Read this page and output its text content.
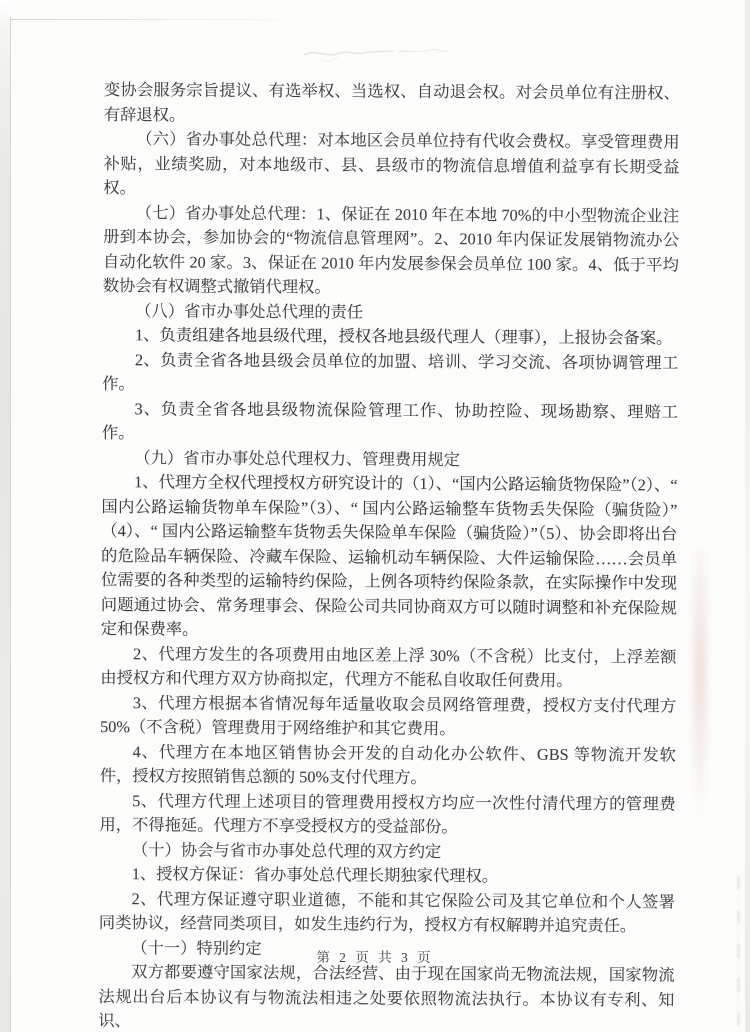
变协会服务宗旨提议、有选举权、当选权、自动退会权。对会员单位有注册权、有辞退权。

（六）省办事处总代理：对本地区会员单位持有代收会费权。享受管理费用补贴，业绩奖励，对本地级市、县、县级市的物流信息增值利益享有长期受益权。

（七）省办事处总代理：1、保证在 2010 年在本地 70%的中小型物流企业注册到本协会，参加协会的“物流信息管理网”。2、2010 年内保证发展销物流办公自动化软件 20 家。3、保证在 2010 年内发展参保会员单位 100 家。4、低于平均数协会有权调整式撤销代理权。

（八）省市办事处总代理的责任

1、负责组建各地县级代理，授权各地县级代理人（理事），上报协会备案。

2、负责全省各地县级会员单位的加盟、培训、学习交流、各项协调管理工作。

3、负责全省各地县级物流保险管理工作、协助控险、现场勘察、理赔工作。

（九）省市办事处总代理权力、管理费用规定

1、代理方全权代理授权方研究设计的（1）、“国内公路运输货物保险”（2）、“ 国内公路运输货物单车保险”（3）、“ 国内公路运输整车货物丢失保险（骗货险）” （4）、“ 国内公路运输整车货物丢失保险单车保险（骗货险）”（5）、协会即将出台的危险品车辆保险、冷藏车保险、运输机动车辆保险、大件运输保险……会员单位需要的各种类型的运输特约保险，上例各项特约保险条款，在实际操作中发现问题通过协会、常务理事会、保险公司共同协商双方可以随时调整和补充保险规定和保费率。

2、代理方发生的各项费用由地区差上浮 30%（不含税）比支付，上浮差额由授权方和代理方双方协商拟定，代理方不能私自收取任何费用。

3、代理方根据本省情况每年适量收取会员网络管理费，授权方支付代理方 50%（不含税）管理费用于网络维护和其它费用。

4、代理方在本地区销售协会开发的自动化办公软件、GBS 等物流开发软件，授权方按照销售总额的 50%支付代理方。

5、代理方代理上述项目的管理费用授权方均应一次性付清代理方的管理费用，不得拖延。代理方不享受授权方的受益部份。

（十）协会与省市办事处总代理的双方约定

1、授权方保证：省办事处总代理长期独家代理权。

2、代理方保证遵守职业道德，不能和其它保险公司及其它单位和个人签署同类协议，经营同类项目，如发生违约行为，授权方有权解聘并追究责任。

（十一）特别约定

双方都要遵守国家法规，合法经营、由于现在国家尚无物流法规，国家物流法规出台后本协议有与物流法相违之处要依照物流法执行。本协议有专利、知识、

第 2 页 共 3 页
